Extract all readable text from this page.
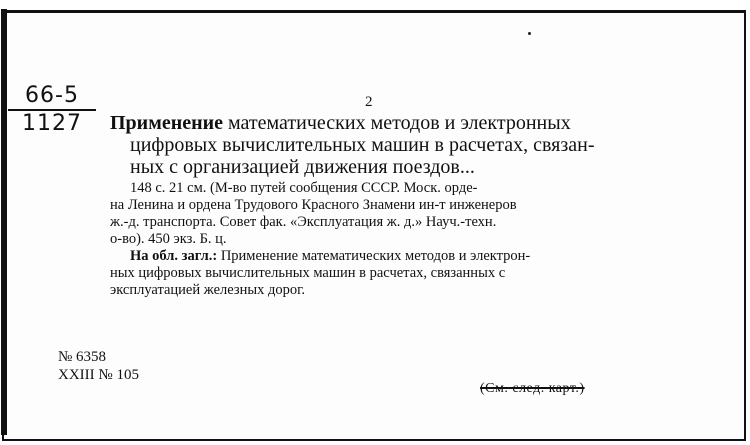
66-5
1127
2
Применение математических методов и электронных
цифровых вычислительных машин в расчетах, связан-
ных с организацией движения поездов...
148 с. 21 см. (М-во путей сообщения СССР. Моск. орде-
на Ленина и ордена Трудового Красного Знамени ин-т инженеров
ж.-д. транспорта. Совет фак. «Эксплуатация ж. д.» Науч.-техн.
о-во). 450 экз. Б. ц.
На обл. загл.: Применение математических методов и электрон-
ных цифровых вычислительных машин в расчетах, связанных с
эксплуатацией железных дорог.
№ 6358
XXIII № 105
(См. след. карт.)
